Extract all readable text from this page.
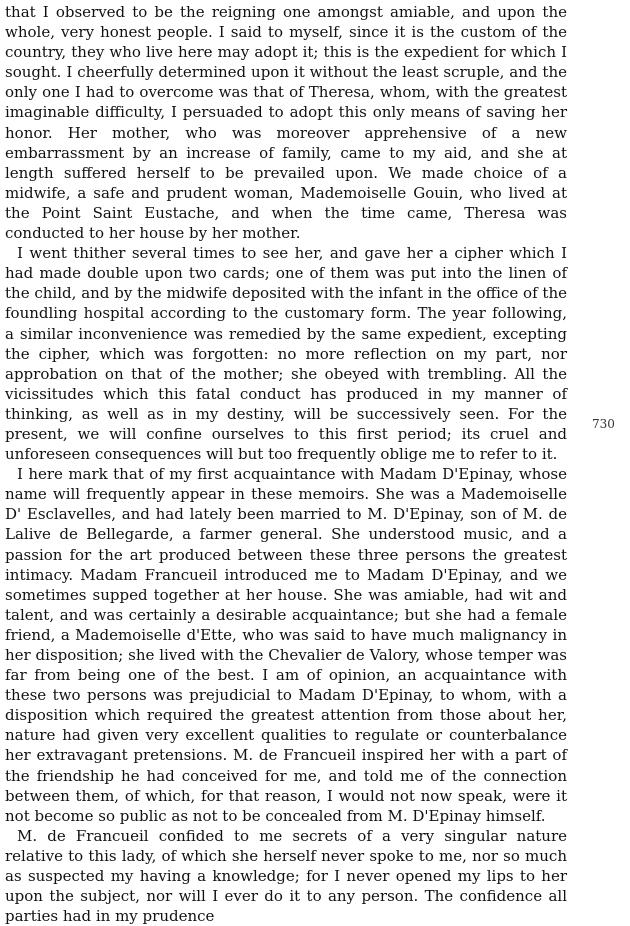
that I observed to be the reigning one amongst amiable, and upon the whole, very honest people. I said to myself, since it is the custom of the country, they who live here may adopt it; this is the expedient for which I sought. I cheerfully determined upon it without the least scruple, and the only one I had to overcome was that of Theresa, whom, with the greatest imaginable difficulty, I persuaded to adopt this only means of saving her honor. Her mother, who was moreover apprehensive of a new embarrassment by an increase of family, came to my aid, and she at length suffered herself to be prevailed upon. We made choice of a midwife, a safe and prudent woman, Mademoiselle Gouin, who lived at the Point Saint Eustache, and when the time came, Theresa was conducted to her house by her mother.

I went thither several times to see her, and gave her a cipher which I had made double upon two cards; one of them was put into the linen of the child, and by the midwife deposited with the infant in the office of the foundling hospital according to the customary form. The year following, a similar inconvenience was remedied by the same expedient, excepting the cipher, which was forgotten: no more reflection on my part, nor approbation on that of the mother; she obeyed with trembling. All the vicissitudes which this fatal conduct has produced in my manner of thinking, as well as in my destiny, will be successively seen. For the present, we will confine ourselves to this first period; its cruel and unforeseen consequences will but too frequently oblige me to refer to it.

I here mark that of my first acquaintance with Madam D'Epinay, whose name will frequently appear in these memoirs. She was a Mademoiselle D' Esclavelles, and had lately been married to M. D'Epinay, son of M. de Lalive de Bellegarde, a farmer general. She understood music, and a passion for the art produced between these three persons the greatest intimacy. Madam Francueil introduced me to Madam D'Epinay, and we sometimes supped together at her house. She was amiable, had wit and talent, and was certainly a desirable acquaintance; but she had a female friend, a Mademoiselle d'Ette, who was said to have much malignancy in her disposition; she lived with the Chevalier de Valory, whose temper was far from being one of the best. I am of opinion, an acquaintance with these two persons was prejudicial to Madam D'Epinay, to whom, with a disposition which required the greatest attention from those about her, nature had given very excellent qualities to regulate or counterbalance her extravagant pretensions. M. de Francueil inspired her with a part of the friendship he had conceived for me, and told me of the connection between them, of which, for that reason, I would not now speak, were it not become so public as not to be concealed from M. D'Epinay himself.

M. de Francueil confided to me secrets of a very singular nature relative to this lady, of which she herself never spoke to me, nor so much as suspected my having a knowledge; for I never opened my lips to her upon the subject, nor will I ever do it to any person. The confidence all parties had in my prudence

730
